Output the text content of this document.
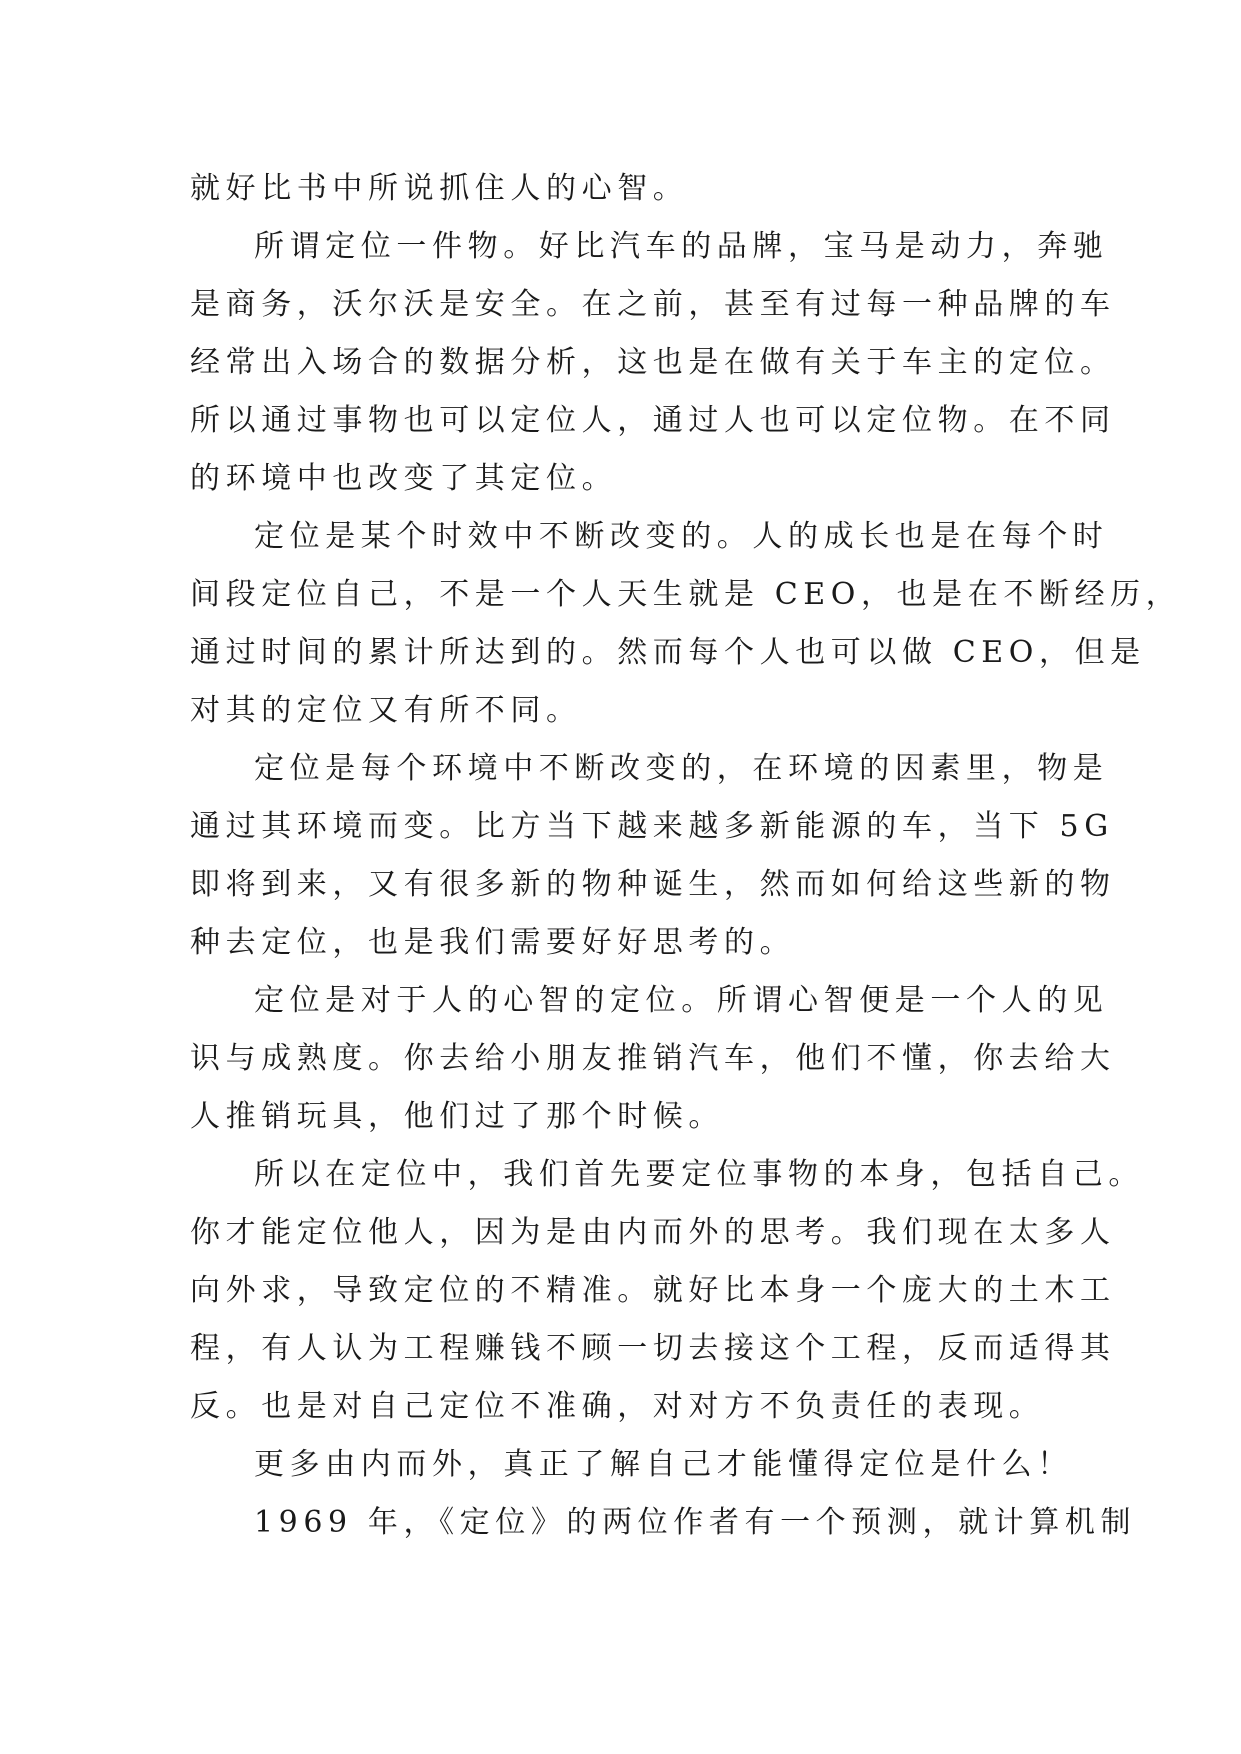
就好比书中所说抓住人的心智。
所谓定位一件物。好比汽车的品牌，宝马是动力，奔驰
是商务，沃尔沃是安全。在之前，甚至有过每一种品牌的车
经常出入场合的数据分析，这也是在做有关于车主的定位。
所以通过事物也可以定位人，通过人也可以定位物。在不同
的环境中也改变了其定位。
定位是某个时效中不断改变的。人的成长也是在每个时
间段定位自己，不是一个人天生就是 CEO，也是在不断经历，
通过时间的累计所达到的。然而每个人也可以做 CEO，但是
对其的定位又有所不同。
定位是每个环境中不断改变的，在环境的因素里，物是
通过其环境而变。比方当下越来越多新能源的车，当下 5G
即将到来，又有很多新的物种诞生，然而如何给这些新的物
种去定位，也是我们需要好好思考的。
定位是对于人的心智的定位。所谓心智便是一个人的见
识与成熟度。你去给小朋友推销汽车，他们不懂，你去给大
人推销玩具，他们过了那个时候。
所以在定位中，我们首先要定位事物的本身，包括自己。
你才能定位他人，因为是由内而外的思考。我们现在太多人
向外求，导致定位的不精准。就好比本身一个庞大的土木工
程，有人认为工程赚钱不顾一切去接这个工程，反而适得其
反。也是对自己定位不准确，对对方不负责任的表现。
更多由内而外，真正了解自己才能懂得定位是什么！
1969 年，《定位》的两位作者有一个预测，就计算机制
